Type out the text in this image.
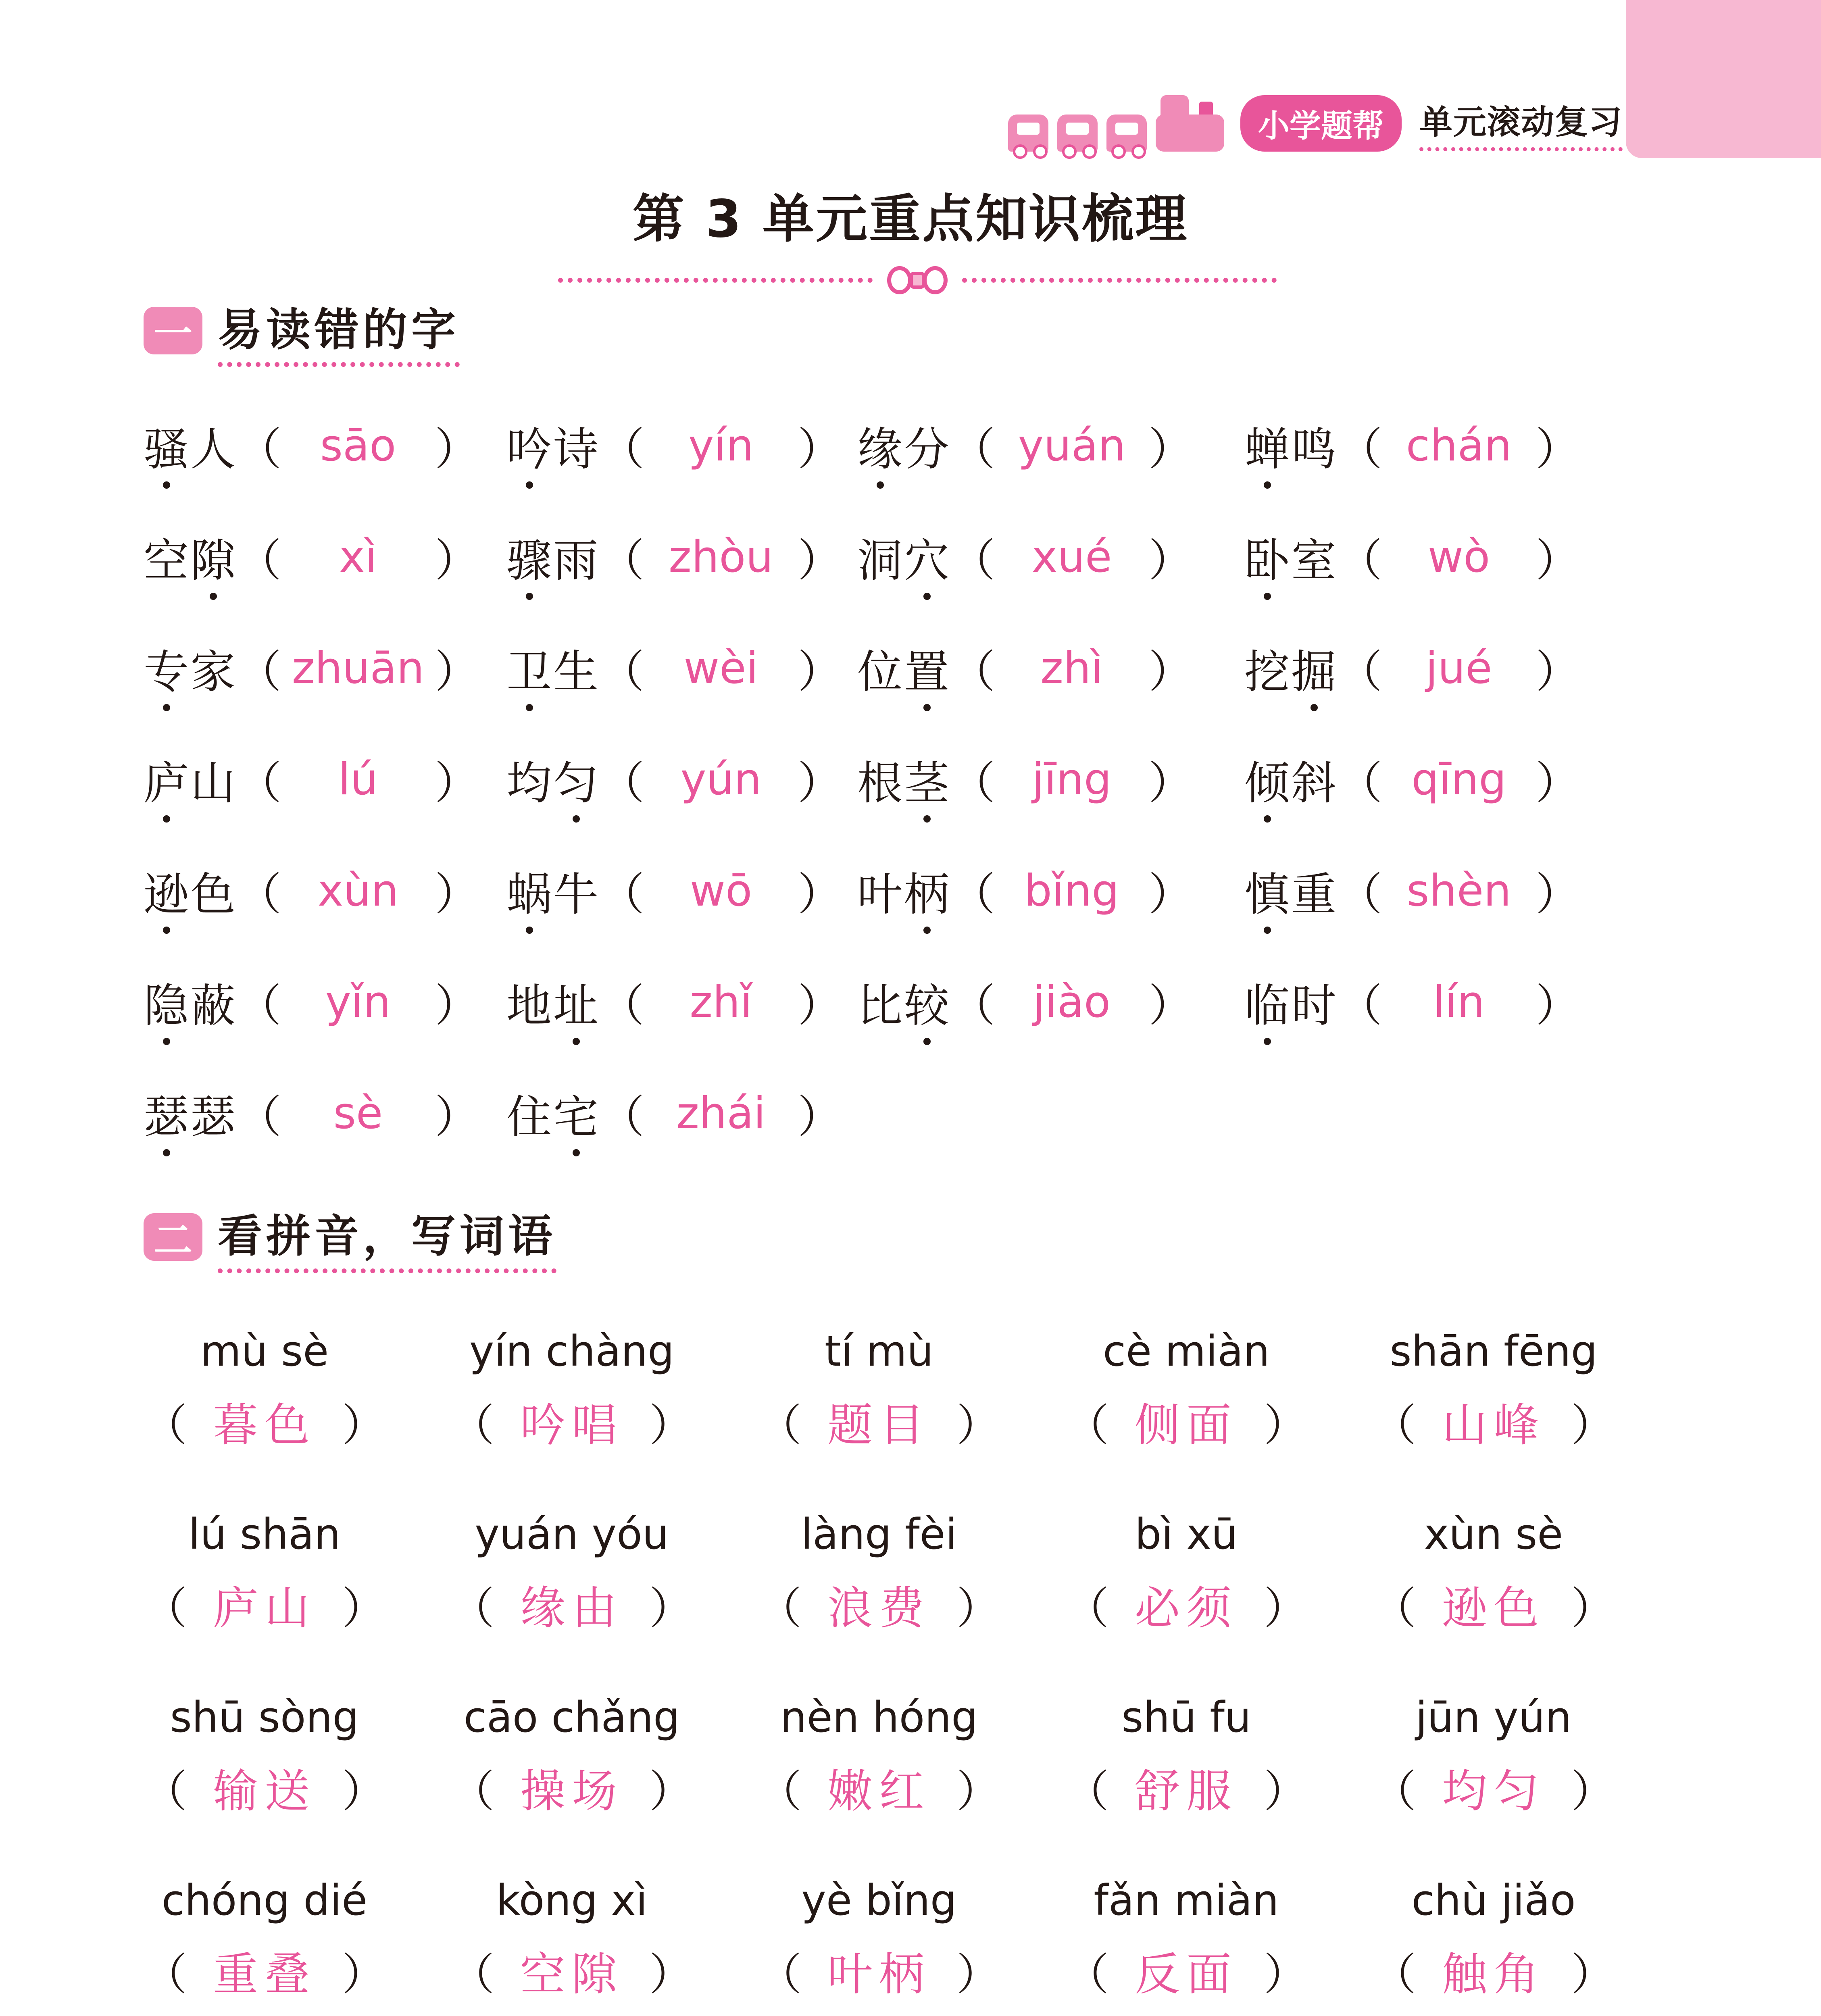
小学题帮	单元滚动复习
第 3 单元重点知识梳理
一 易读错的字
骚人 （ sāo ） 吟诗 （	yín ） 缘分 （ yuán ） 蝉鸣 （ chán ）
空隙 （	xì	） 骤雨 （ zhòu ） 洞穴 （ xué ） 卧室 （	wò	）
专家 （ zhuān ） 卫生 （ wèi ） 位置 （	zhì	） 挖掘 （ jué ）
庐山 （	lú	） 均匀 （ yún ） 根茎 （ jīng ） 倾斜 （ qīng ）
逊色 （ xùn ） 蜗牛 （	wō	） 叶柄 （ bǐng ） 慎重 （ shèn ）
隐蔽 （	yǐn ） 地址 （	zhǐ	） 比较 （ jiào ） 临时 （	lín	）
瑟瑟 （	sè	） 住宅 （ zhái ）
二 看拼音，写词语
mù sè
（ 暮色 ）
yín chàng
（ 吟唱 ）
tí mù
（ 题目 ）
cè miàn
（ 侧面 ）
shān fēng
（ 山峰 ）
lú shān
（ 庐山 ）
yuán yóu
（ 缘由 ）
làng fèi
（ 浪费 ）
bì xū
（ 必须 ）
xùn sè
（ 逊色 ）
shū sòng
（ 输送 ）
cāo chǎng
（ 操场 ）
nèn hóng
（ 嫩红 ）
shū fu
（ 舒服 ）
jūn yún
（ 均匀 ）
chóng dié
（ 重叠 ）
kòng xì
（ 空隙 ）
yè bǐng
（ 叶柄 ）
fǎn miàn
（ 反面 ）
chù jiǎo
（ 触角 ）
